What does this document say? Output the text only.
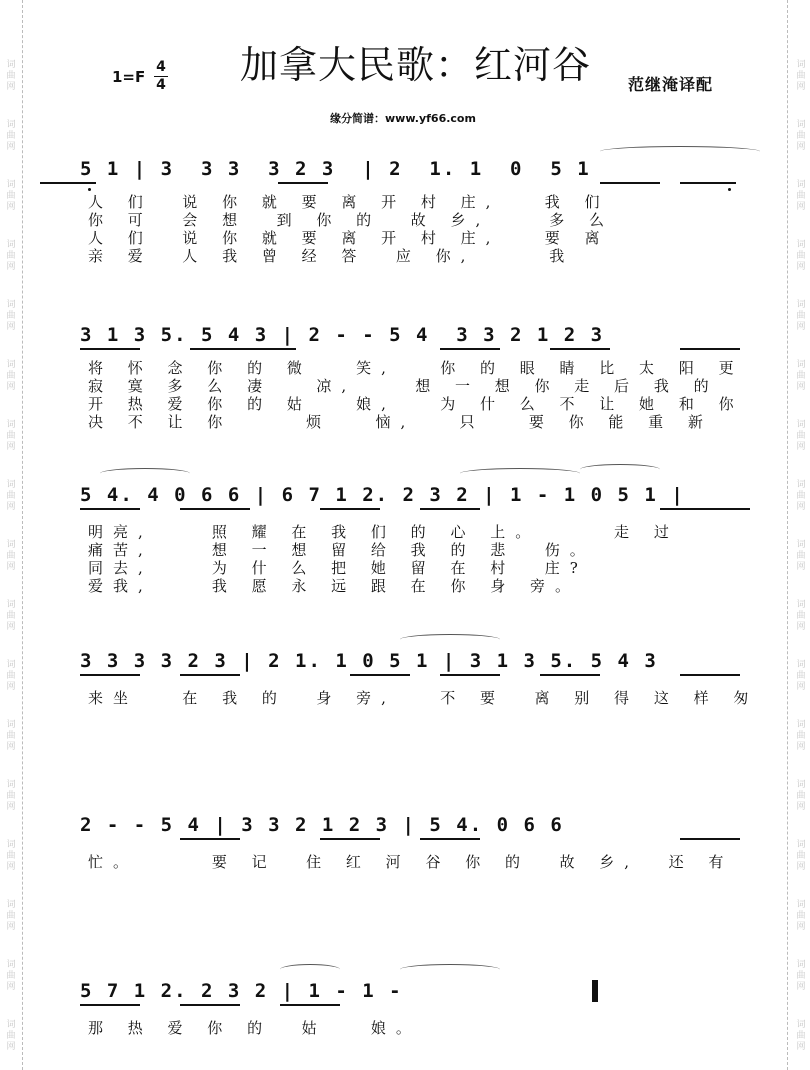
词
曲
网
词
曲
网
词
曲
网
词
曲
网
词
曲
网
词
曲
网
词
曲
网
词
曲
网
词
曲
网
词
曲
网
词
曲
网
词
曲
网
词
曲
网
词
曲
网
词
曲
网
词
曲
网
词
曲
网
词
曲
网
词
曲
网
词
曲
网
词
曲
网
词
曲
网
词
曲
网
词
曲
网
词
曲
网
词
曲
网
词
曲
网
词
曲
网
词
曲
网
词
曲
网
词
曲
网
词
曲
网
词
曲
网
词
曲
网
1=F
4
4 加拿大民歌：红河谷 范继淹译配
缘分简谱：www.yf66.com
5 1 | 3  3 3  3 2 3  | 2  1. 1  0  5 1
人 们  说 你 就 要 离 开 村 庄,   我 们
你 可  会 想  到 你 的  故 乡,    多 么
人 们  说 你 就 要 离 开 村 庄,   要 离
亲 爱  人 我 曾 经 答  应 你,     我
3 1 3 5. 5 4 3 | 2 - - 5 4  3 3 2 1 2 3
将 怀 念 你 的 微   笑,   你 的 眼 睛 比 太 阳 更
寂 寞 多 么 凄   凉,    想 一 想 你 走 后 我 的
开 热 爱 你 的 姑   娘,   为 什 么 不 让 她 和 你
决 不 让 你     烦   恼,   只   要 你 能 重 新
5 4. 4 0 6 6 | 6 7 1 2. 2 3 2 | 1 - 1 0 5 1 |
明亮,    照 耀 在 我 们 的 心 上。     走 过
痛苦,    想 一 想 留 给 我 的 悲  伤。
同去,    为 什 么 把 她 留 在 村  庄?
爱我,    我 愿 永 远 跟 在 你 身 旁。
3 3 3 3 2 3 | 2 1. 1 0 5 1 | 3 1 3 5. 5 4 3
来坐   在 我 的  身 旁,   不 要  离 别 得 这 样 匆
2 - - 5 4 | 3 3 2 1 2 3 | 5 4. 0 6 6
忙。     要 记  住 红 河 谷 你 的  故 乡,  还 有
5 7 1 2. 2 3 2 | 1 - 1 -
那 热 爱 你 的  姑   娘。
